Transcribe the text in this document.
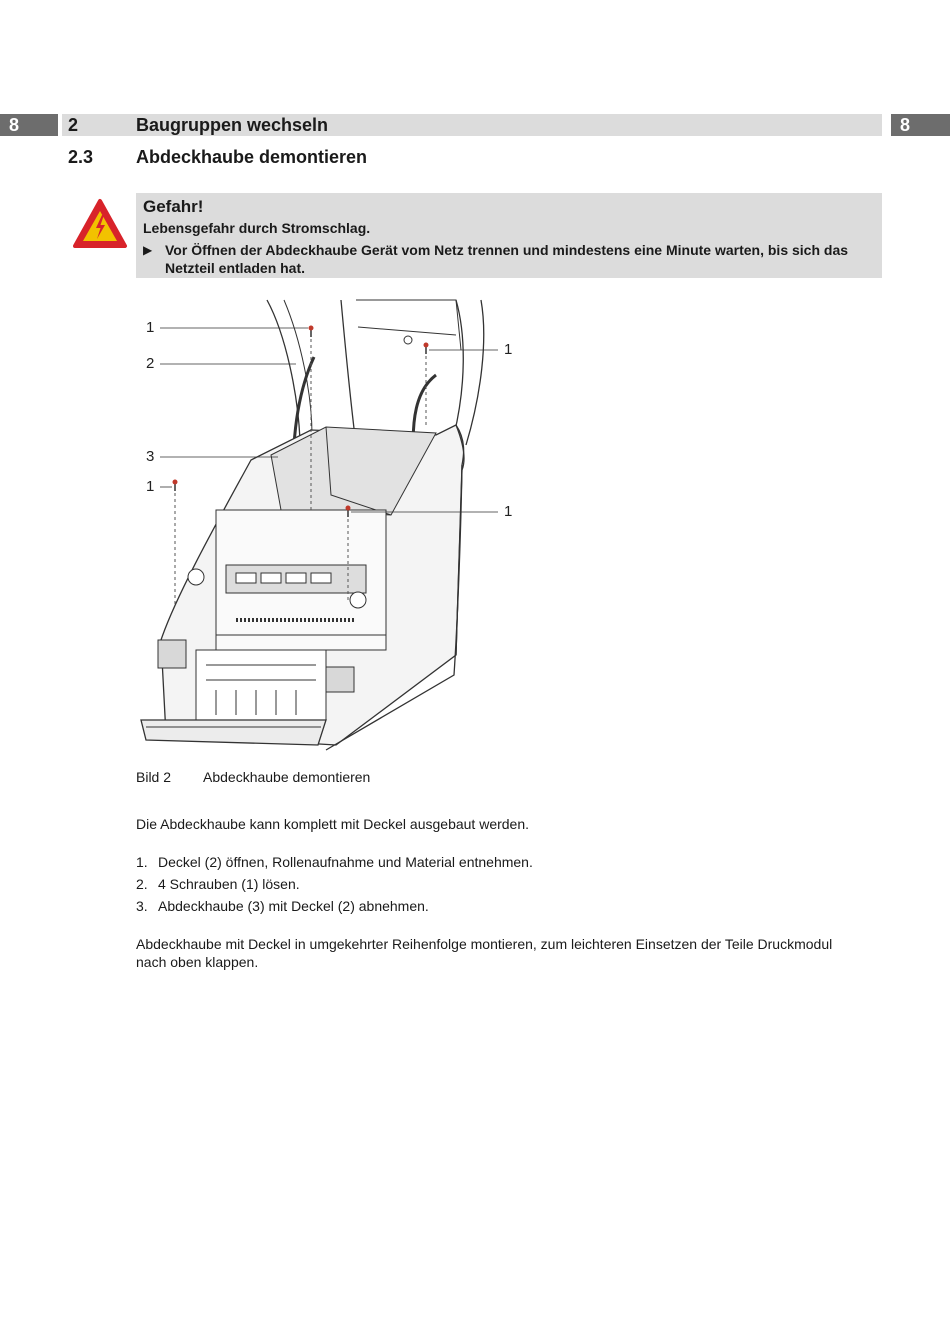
8	2	Baugruppen wechseln	8
2.3 Abdeckhaube demontieren
Gefahr!
Lebensgefahr durch Stromschlag.
▶ Vor Öffnen der Abdeckhaube Gerät vom Netz trennen und mindestens eine Minute warten, bis sich das Netzteil entladen hat.
1
2
3
1
1
1
Bild 2 Abdeckhaube demontieren
Die Abdeckhaube kann komplett mit Deckel ausgebaut werden.
1. Deckel (2) öffnen, Rollenaufnahme und Material entnehmen.
2. 4 Schrauben (1) lösen.
3. Abdeckhaube (3) mit Deckel (2) abnehmen.
Abdeckhaube mit Deckel in umgekehrter Reihenfolge montieren, zum leichteren Einsetzen der Teile Druckmodul nach oben klappen.
